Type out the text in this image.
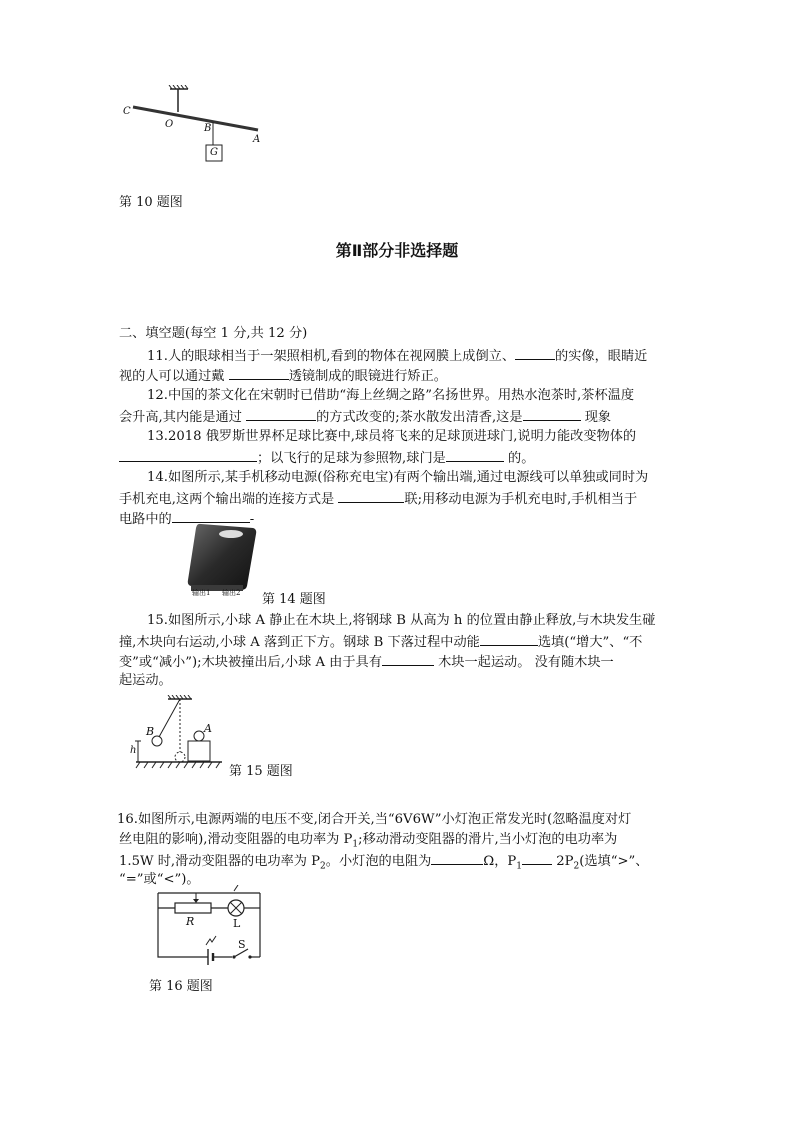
C
O	B
A
G
第 10 题图
第Ⅱ部分非选择题
二、填空题(每空 1 分,共 12 分)
11.人的眼球相当于一架照相机,看到的物体在视网膜上成倒立、	的实像，眼睛近
视的人可以通过戴	透镜制成的眼镜进行矫正。
12.中国的茶文化在宋朝时已借助“海上丝绸之路”名扬世界。用热水泡茶时,茶杯温度
会升高,其内能是通过	的方式改变的;茶水散发出清香,这是	现象
13.2018 俄罗斯世界杯足球比赛中,球员将飞来的足球顶进球门,说明力能改变物体的
；以飞行的足球为参照物,球门是	的。
14.如图所示,某手机移动电源(俗称充电宝)有两个输出端,通过电源线可以单独或同时为
手机充电,这两个输出端的连接方式是	联;用移动电源为手机充电时,手机相当于
电路中的	-
输出1 输出2 第 14 题图
15.如图所示,小球 A 静止在木块上,将钢球 B 从高为 h 的位置由静止释放,与木块发生碰
撞,木块向右运动,小球 A 落到正下方。钢球 B 下落过程中动能	选填(“增大”、“不
变”或“减小”);木块被撞出后,小球 A 由于具有	木块一起运动。 没有随木块一
起运动。
B	A
h
第 15 题图
16.如图所示,电源两端的电压不变,闭合开关,当“6V6W”小灯泡正常发光时(忽略温度对灯
丝电阻的影响),滑动变阻器的电功率为 $P_1$;移动滑动变阻器的滑片,当小灯泡的电功率为
1.5W 时,滑动变阻器的电功率为 $P_2$。小灯泡的电阻为	Ω，$P_1$ $2P_2$(选填“>”、
“=”或“<”)。
R	L
S
第 16 题图
